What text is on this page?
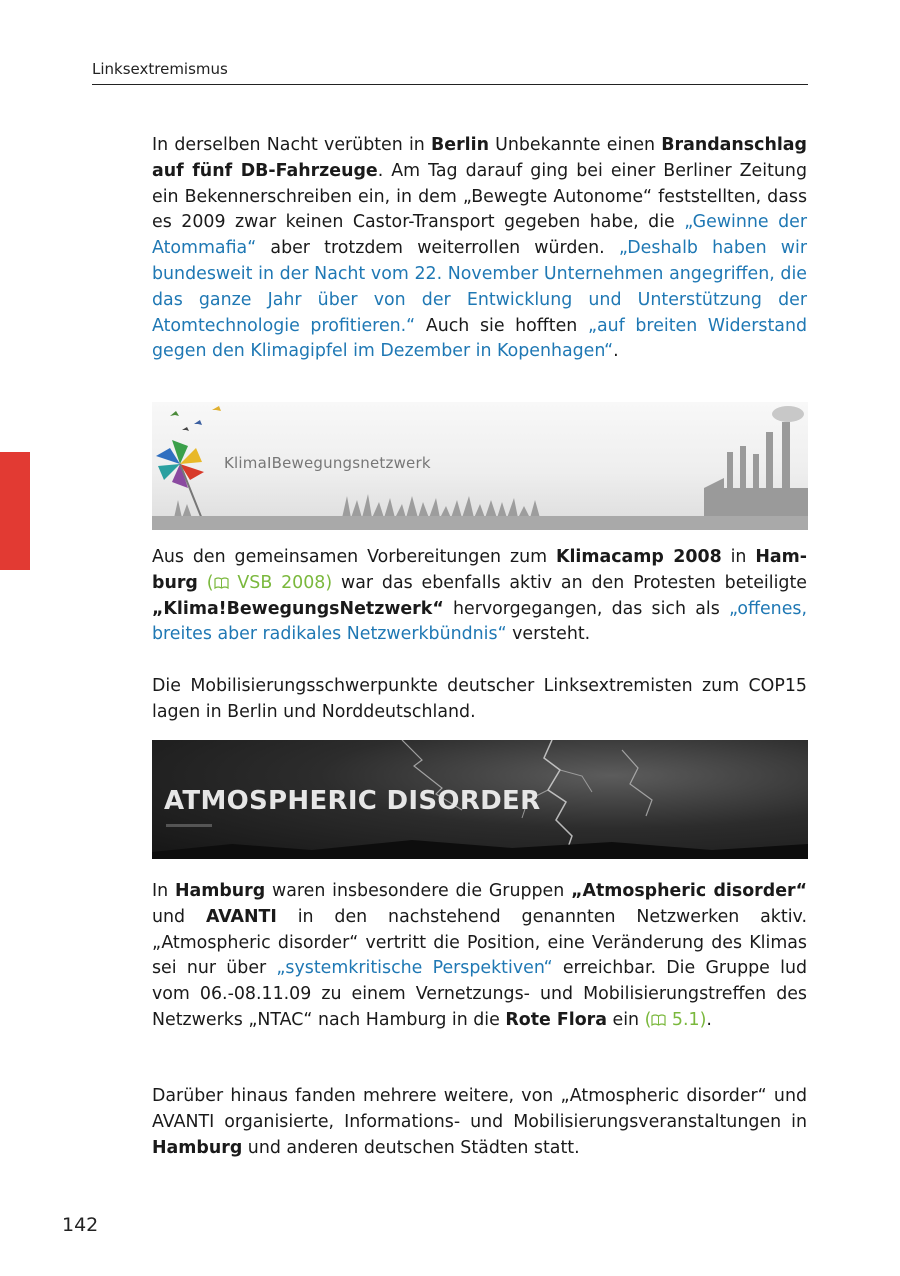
Linksextremismus

In derselben Nacht verübten in Berlin Unbekannte einen Brandanschlag auf fünf DB-Fahrzeuge. Am Tag darauf ging bei einer Berliner Zeitung ein Bekennerschreiben ein, in dem „Bewegte Autonome“ feststellten, dass es 2009 zwar keinen Castor-Transport gegeben habe, die „Gewinne der Atommafia“ aber trotzdem weiterrollen würden. „Deshalb haben wir bundesweit in der Nacht vom 22. November Unternehmen angegriffen, die das ganze Jahr über von der Entwicklung und Unterstützung der Atomtechnologie profitieren.“ Auch sie hofften „auf breiten Widerstand gegen den Klimagipfel im Dezember in Kopenhagen“.

KlimaIBewegungsnetzwerk

Aus den gemeinsamen Vorbereitungen zum Klimacamp 2008 in Hamburg ( VSB 2008) war das ebenfalls aktiv an den Protesten beteiligte „Klima!BewegungsNetzwerk“ hervorgegangen, das sich als „offenes, breites aber radikales Netzwerkbündnis“ versteht.

Die Mobilisierungsschwerpunkte deutscher Linksextremisten zum COP15 lagen in Berlin und Norddeutschland.

ATMOSPHERIC DISORDER

In Hamburg waren insbesondere die Gruppen „Atmospheric disorder“ und AVANTI in den nachstehend genannten Netzwerken aktiv. „Atmospheric disorder“ vertritt die Position, eine Veränderung des Klimas sei nur über „systemkritische Perspektiven“ erreichbar. Die Gruppe lud vom 06.-08.11.09 zu einem Vernetzungs- und Mobilisierungstreffen des Netzwerks „NTAC“ nach Hamburg in die Rote Flora ein ( 5.1).

Darüber hinaus fanden mehrere weitere, von „Atmospheric disorder“ und AVANTI organisierte, Informations- und Mobilisierungsveranstaltungen in Hamburg und anderen deutschen Städten statt.

142
